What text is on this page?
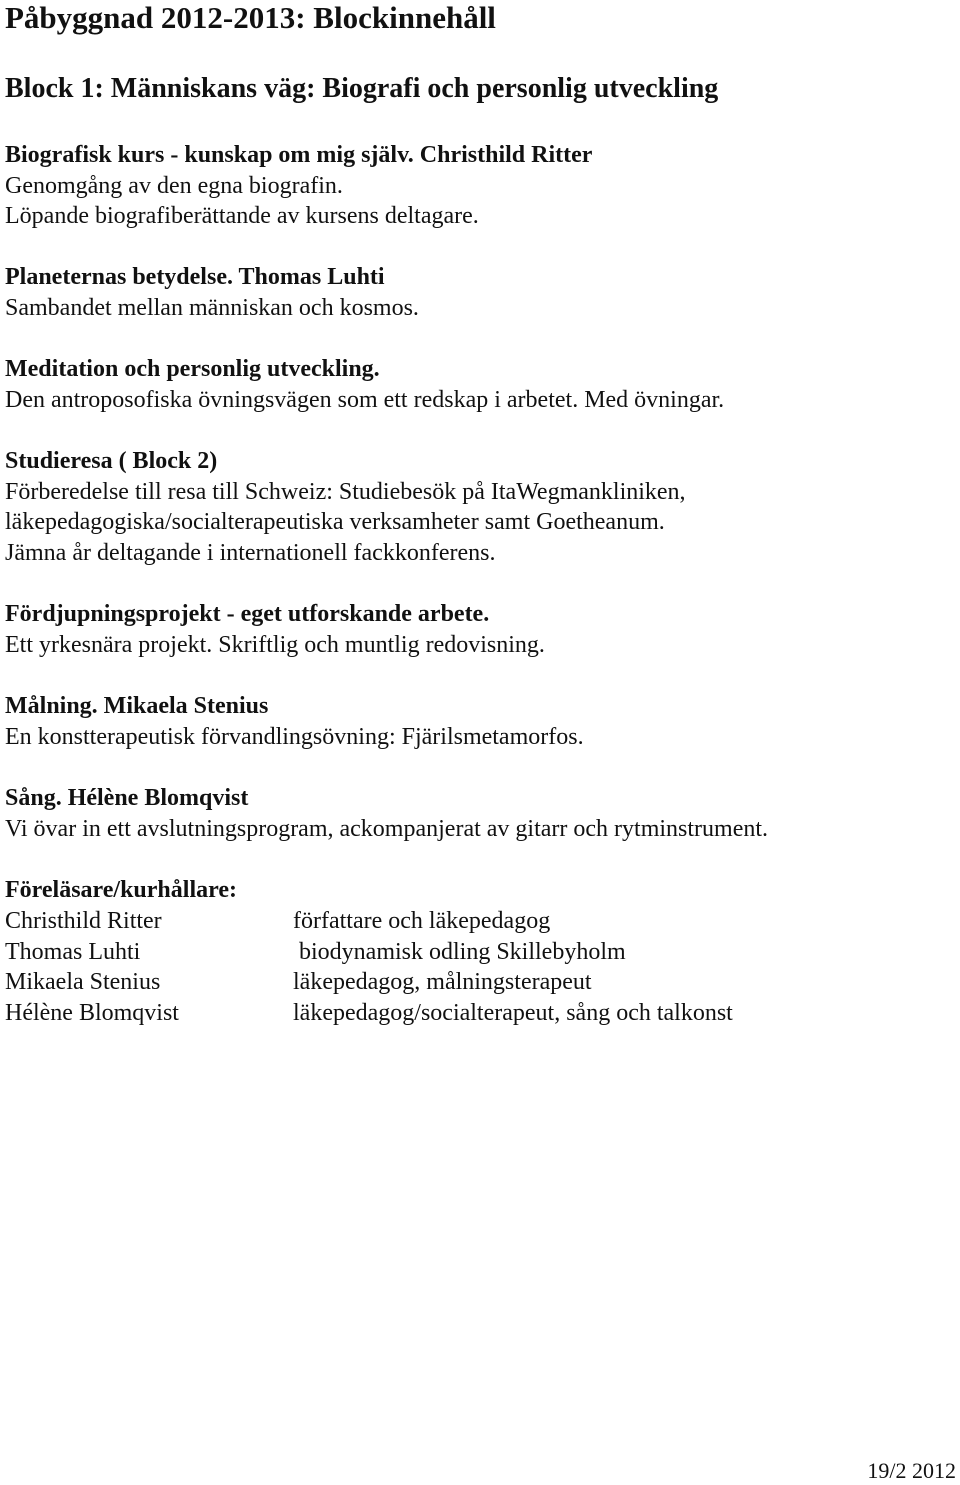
Påbyggnad 2012-2013: Blockinnehåll
Block 1: Människans väg: Biografi och personlig utveckling
Biografisk kurs - kunskap om mig själv. Christhild Ritter
Genomgång av den egna biografin.
Löpande biografiberättande av kursens deltagare.
Planeternas betydelse. Thomas Luhti
Sambandet mellan människan och kosmos.
Meditation och personlig utveckling.
Den antroposofiska övningsvägen som ett redskap i arbetet. Med övningar.
Studieresa ( Block 2)
Förberedelse till resa till Schweiz: Studiebesök på ItaWegmankliniken,
läkepedagogiska/socialterapeutiska verksamheter samt Goetheanum.
Jämna år deltagande i internationell fackkonferens.
Fördjupningsprojekt - eget utforskande arbete.
Ett yrkesnära projekt. Skriftlig och muntlig redovisning.
Målning. Mikaela Stenius
En konstterapeutisk förvandlingsövning: Fjärilsmetamorfos.
Sång. Hélène Blomqvist
Vi övar in ett avslutningsprogram, ackompanjerat av gitarr och rytminstrument.
Föreläsare/kurhållare:
Christhild Ritter	författare och läkepedagog
Thomas Luhti	biodynamisk odling Skillebyholm
Mikaela Stenius	läkepedagog, målningsterapeut
Hélène Blomqvist	läkepedagog/socialterapeut, sång och talkonst
19/2 2012
